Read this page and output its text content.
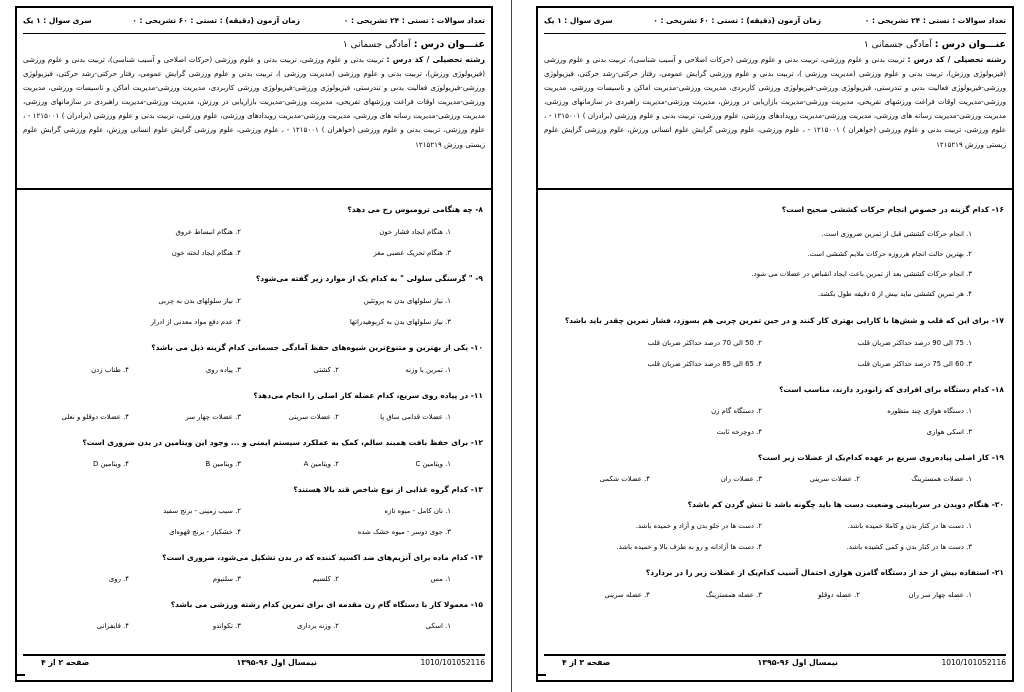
تعداد سوالات : تستی : ۲۴ تشریحی : ۰
زمان آزمون (دقیقه) : تستی : ۶۰ تشریحی : ۰
سری سوال : ۱ یک
عنـــوان درس : آمادگی جسمانی ۱
رشته تحصیلی / کد درس : تربیت بدنی و علوم ورزشی، تربیت بدنی و علوم ورزشی (حرکات اصلاحی و آسیب شناسی)، تربیت بدنی و علوم ورزشی (فیزیولوژی ورزش)، تربیت بدنی و علوم ورزشی (مدیریت ورزشی )، تربیت بدنی و علوم ورزشی گرایش عمومی، رفتار حرکتی-رشد حرکتی، فیزیولوژی ورزشی-فیزیولوژی فعالیت بدنی و تندرستی، فیزیولوژی ورزشی-فیزیولوژی ورزشی کاربردی، مدیریت ورزشی-مدیریت اماکن و تاسیسات ورزشی، مدیریت ورزشی-مدیریت اوقات فراغت ورزشهای تفریحی، مدیریت ورزشی-مدیریت بازاریابی در ورزش، مدیریت ورزشی-مدیریت راهبردی در سازمانهای ورزشی، مدیریت ورزشی-مدیریت رسانه های ورزشی، مدیریت ورزشی-مدیریت رویدادهای ورزشی، علوم ورزشی، تربیت بدنی و علوم ورزشی (برادران ) ۱۲۱۵۰۰۱ - ، علوم ورزشی، تربیت بدنی و علوم ورزشی (خواهران ) ۱۲۱۵۰۰۱ - ، علوم ورزشی، علوم ورزشی گرایش علوم انسانی ورزش، علوم ورزشی گرایش علوم زیستی ورزش ۱۲۱۵۲۱۹
۸- چه هنگامی ترومبوس رخ می دهد؟
۲. هنگام انبساط عروق	۱. هنگام ایجاد فشار خون
۴. هنگام ایجاد لخته خون	۳. هنگام تحریک عصبی مغز
۹- " گرسنگی سلولی " به کدام یک از موارد زیر گفته می‌شود؟
۱. نیاز سلولهای بدن به پروتئین
۲. نیاز سلولهای بدن به چربی
۳. نیاز سلولهای بدن به کربوهیدراتها
۴. عدم دفع مواد معدنی از ادرار
۱۰- یکی از بهترین و متنوع‌ترین شیوه‌های حفظ آمادگی جسمانی کدام گزینه ذیل می باشد؟
۱. تمرین با وزنه
۲. کشتی
۳. پیاده روی
۴. طناب زدن
۱۱- در پیاده روی سریع، کدام عضله کار اصلی را انجام می‌دهد؟
۱. عضلات قدامی ساق پا
۲. عضلات سرینی
۳. عضلات چهار سر
۴. عضلات دوقلو و نعلی
۱۲- برای حفظ بافت همبند سالم، کمک به عملکرد سیستم ایمنی و ... وجود این ویتامین در بدن ضروری است؟
۱. ویتامین C
۲. ویتامین A
۳. ویتامین B
۴. ویتامین D
۱۳- کدام گروه غذایی از نوع شاخص قند بالا هستند؟
۱. نان کامل - میوه تازه
۲. سیب زمینی - برنج سفید
۳. جوی دوسر - میوه خشک شده
۴. خشکبار - برنج قهوه‌ای
۱۴- کدام ماده برای آنزیم‌های ضد اکسید کننده که در بدن تشکیل می‌شود، ضروری است؟
۱. مس
۲. کلسیم
۳. سلنیوم
۴. روی
۱۵- معمولا کار با دستگاه گام زن مقدمه ای برای تمرین کدام رشته ورزشی می باشد؟
۱. اسکی
۲. وزنه برداری
۳. تکواندو
۴. فایفرانی
1010/101052116
نیمسال اول ۹۶-۱۳۹۵
صفحه ۲ از ۴
تعداد سوالات : تستی : ۲۴ تشریحی : ۰
زمان آزمون (دقیقه) : تستی : ۶۰ تشریحی : ۰
سری سوال : ۱ یک
عنـــوان درس : آمادگی جسمانی ۱
رشته تحصیلی / کد درس : تربیت بدنی و علوم ورزشی، تربیت بدنی و علوم ورزشی (حرکات اصلاحی و آسیب شناسی)، تربیت بدنی و علوم ورزشی (فیزیولوژی ورزش)، تربیت بدنی و علوم ورزشی (مدیریت ورزشی )، تربیت بدنی و علوم ورزشی گرایش عمومی، رفتار حرکتی-رشد حرکتی، فیزیولوژی ورزشی-فیزیولوژی فعالیت بدنی و تندرستی، فیزیولوژی ورزشی-فیزیولوژی ورزشی کاربردی، مدیریت ورزشی-مدیریت اماکن و تاسیسات ورزشی، مدیریت ورزشی-مدیریت اوقات فراغت ورزشهای تفریحی، مدیریت ورزشی-مدیریت بازاریابی در ورزش، مدیریت ورزشی-مدیریت راهبردی در سازمانهای ورزشی، مدیریت ورزشی-مدیریت رسانه های ورزشی، مدیریت ورزشی-مدیریت رویدادهای ورزشی، علوم ورزشی، تربیت بدنی و علوم ورزشی (برادران ) ۱۲۱۵۰۰۱ - ، علوم ورزشی، تربیت بدنی و علوم ورزشی (خواهران ) ۱۲۱۵۰۰۱ - ، علوم ورزشی، علوم ورزشی گرایش علوم انسانی ورزش، علوم ورزشی گرایش علوم زیستی ورزش ۱۲۱۵۲۱۹
۱۶- کدام گزینه در خصوص انجام حرکات کششی صحیح است؟
۱. انجام حرکات کششی قبل از تمرین ضروری است.
۲. بهترین حالت انجام هرروزه حرکات ملایم کششی است.
۳. انجام حرکات کششی بعد از تمرین باعث ایجاد انقباض در عضلات می شود.
۴. هر تمرین کششی نباید بیش از ۵ دقیقه طول بکشد.
۱۷- برای این که قلب و شش‌ها با کارایی بهتری کار کنند و در حین تمرین چربی هم بسوزد، فشار تمرین چقدر باید باشد؟
۱. 75 الی 90 درصد حداکثر ضربان قلب
۲. 50 الی 70 درصد حداکثر ضربان قلب
۳. 60 الی 75 درصد حداکثر ضربان قلب
۴. 65 الی 85 درصد حداکثر ضربان قلب
۱۸- کدام دستگاه برای افرادی که زانودرد دارند، مناسب است؟
۱. دستگاه هوازی چند منظوره
۲. دستگاه گام زن
۳. اسکی هوازی
۴. دوچرخه ثابت
۱۹- کار اصلی پیاده‌روی سریع بر عهده کدام‌یک از عضلات زیر است؟
۱. عضلات همسترینگ
۲. عضلات سرینی
۳. عضلات ران
۴. عضلات شکمی
۲۰- هنگام دویدن در سربایینی وضعیت دست ها باید چگونه باشد تا تنش گردن کم باشد؟
۱. دست ها در کنار بدن و کاملا خمیده باشد.
۲. دست ها در جلو بدن و آزاد و خمیده باشد.
۳. دست ها در کنار بدن و کمی کشیده باشد.
۴. دست ها آزادانه و رو به طرف بالا و خمیده باشد.
۲۱- استفاده بیش از حد از دستگاه گامزن هوازی احتمال آسیب کدام‌یک از عضلات زیر را در بردارد؟
۱. عضله چهار سر ران
۲. عضله دوقلو
۳. عضله همسترینگ
۴. عضله سرینی
1010/101052116
نیمسال اول ۹۶-۱۳۹۵
صفحه ۳ از ۴
